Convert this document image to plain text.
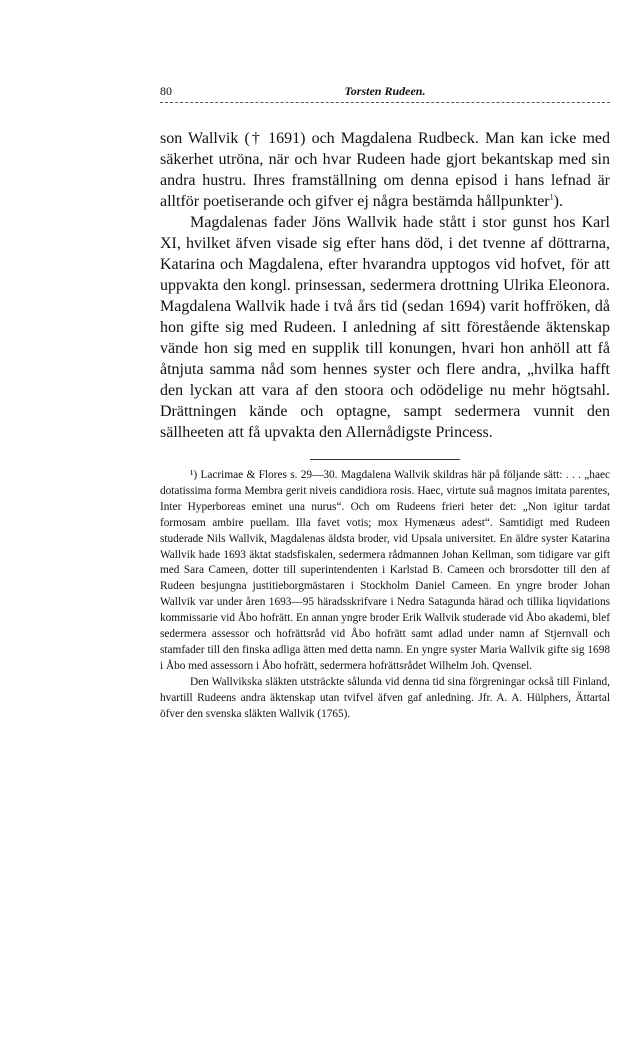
80	Torsten Rudeen.

son Wallvik († 1691) och Magdalena Rudbeck. Man kan icke med säkerhet utröna, när och hvar Rudeen hade gjort bekantskap med sin andra hustru. Ihres framställning om denna episod i hans lefnad är alltför poetiserande och gifver ej några bestämda hållpunkter$^1$).

Magdalenas fader Jöns Wallvik hade stått i stor gunst hos Karl XI, hvilket äfven visade sig efter hans död, i det tvenne af döttrarna, Katarina och Magdalena, efter hvarandra upptogos vid hofvet, för att uppvakta den kongl. prinsessan, sedermera drottning Ulrika Eleonora. Magdalena Wallvik hade i två års tid (sedan 1694) varit hoffröken, då hon gifte sig med Rudeen. I anledning af sitt förestående äktenskap vände hon sig med en supplik till konungen, hvari hon anhöll att få åtnjuta samma nåd som hennes syster och flere andra, „hvilka hafft den lyckan att vara af den stoora och odödelige nu mehr högtsahl. Drättningen kände och optagne, sampt sedermera vunnit den sällheeten att få upvakta den Allernådigste Princess.

¹) Lacrimae & Flores s. 29—30. Magdalena Wallvik skildras här på följande sätt: . . . „haec dotatissima forma Membra gerit niveis candidiora rosis. Haec, virtute suå magnos imitata parentes, Inter Hyperboreas eminet una nurus“. Och om Rudeens frieri heter det: „Non igitur tardat formosam ambire puellam. Illa favet votis; mox Hymenæus adest“. Samtidigt med Rudeen studerade Nils Wallvik, Magdalenas äldsta broder, vid Upsala universitet. En äldre syster Katarina Wallvik hade 1693 äktat stadsfiskalen, sedermera rådmannen Johan Kellman, som tidigare var gift med Sara Cameen, dotter till superintendenten i Karlstad B. Cameen och brorsdotter till den af Rudeen besjungna justitieborgmästaren i Stockholm Daniel Cameen. En yngre broder Johan Wallvik var under åren 1693—95 häradsskrifvare i Nedra Satagunda härad och tillika liqvidations kommissarie vid Åbo hofrätt. En annan yngre broder Erik Wallvik studerade vid Åbo akademi, blef sedermera assessor och hofrättsråd vid Åbo hofrätt samt adlad under namn af Stjernvall och stamfader till den finska adliga ätten med detta namn. En yngre syster Maria Wallvik gifte sig 1698 i Åbo med assessorn i Åbo hofrätt, sedermera hofrättsrådet Wilhelm Joh. Qvensel.

Den Wallvikska släkten utsträckte sålunda vid denna tid sina förgreningar också till Finland, hvartill Rudeens andra äktenskap utan tvifvel äfven gaf anledning. Jfr. A. A. Hülphers, Ättartal öfver den svenska släkten Wallvik (1765).
